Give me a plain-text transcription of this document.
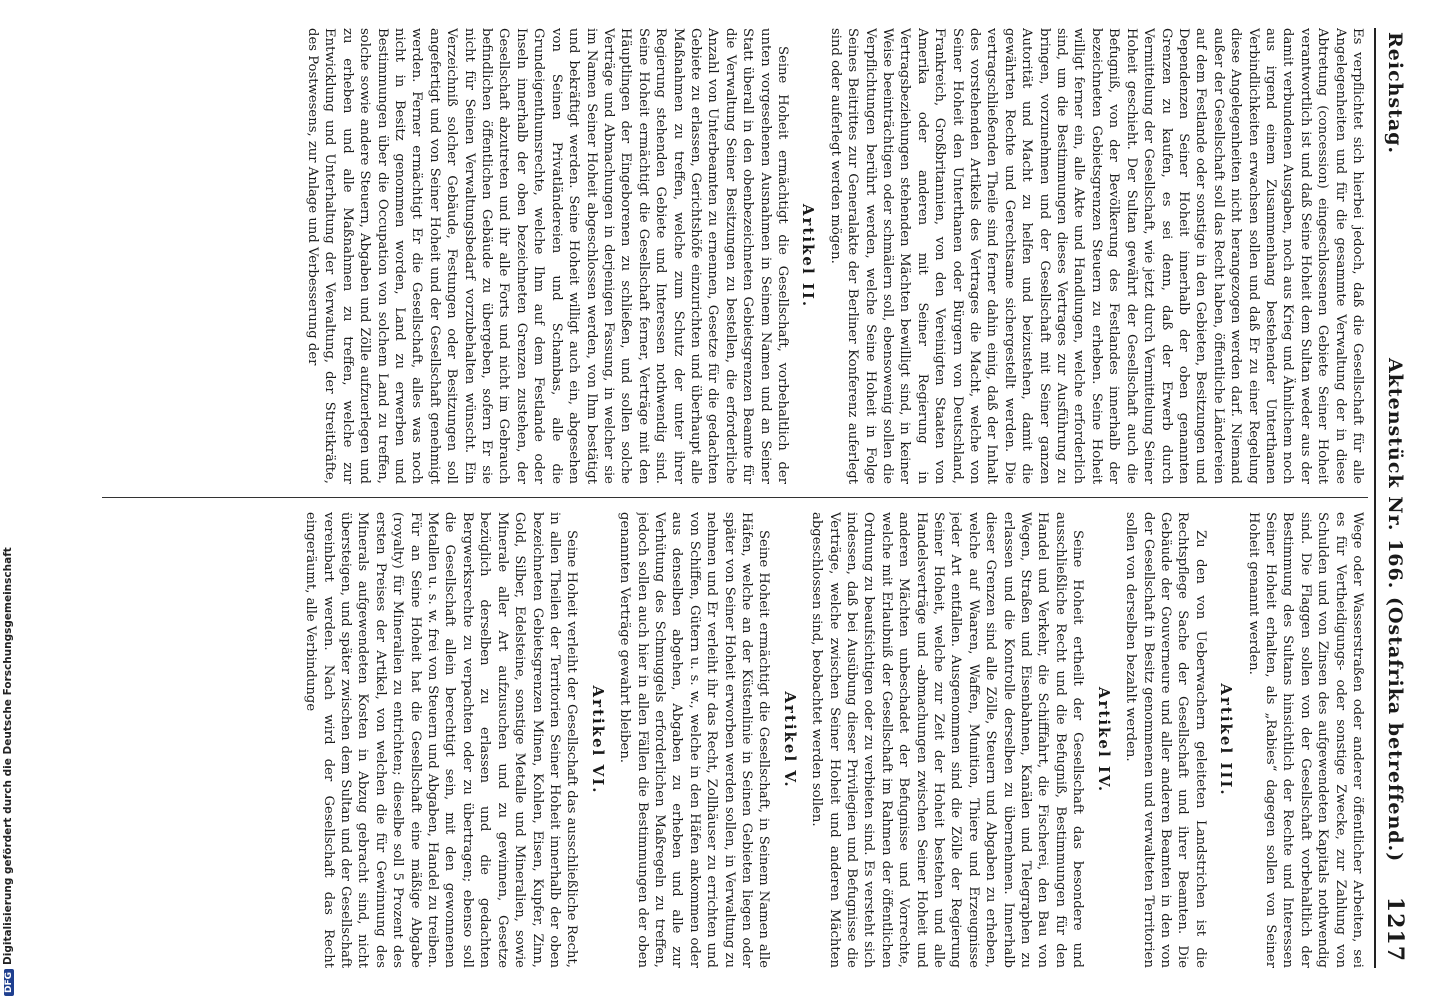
Reichstag.
Aktenstück Nr. 166. (Ostafrika betreffend.)
1217

Es verpflichtet sich hierbei jedoch, daß die Gesellschaft für alle Angelegenheiten und für die gesammte Verwaltung der in diese Abtretung (concession) eingeschlossenen Gebiete Seiner Hoheit verantwortlich ist und daß Seine Hoheit dem Sultan weder aus der damit verbundenen Ausgaben, noch aus Krieg und Ähnlichem noch aus irgend einem Zusammenhang bestehender Unterthanen Verbindlichkeiten erwachsen sollen und daß Er zu einer Regelung diese Angelegenheiten nicht herangezogen werden darf. Niemand außer der Gesellschaft soll das Recht haben, öffentliche Ländereien auf dem Festlande oder sonstige in den Gebieten, Besitzungen und Dependenzen Seiner Hoheit innerhalb der oben genannten Grenzen zu kaufen, es sei denn, daß der Erwerb durch Vermittelung der Gesellschaft, wie jetzt durch Vermittelung Seiner Hoheit geschieht. Der Sultan gewährt der Gesellschaft auch die Befugniß, von der Bevölkerung des Festlandes innerhalb der bezeichneten Gebietsgrenzen Steuern zu erheben. Seine Hoheit willigt ferner ein, alle Akte und Handlungen, welche erforderlich sind, um die Bestimmungen dieses Vertrages zur Ausführung zu bringen, vorzunehmen und der Gesellschaft mit Seiner ganzen Autorität und Macht zu helfen und beizustehen, damit die gewährten Rechte und Gerechtsame sichergestellt werden. Die vertragschließenden Theile sind ferner dahin einig, daß der Inhalt des vorstehenden Artikels des Vertrages die Macht, welche von Seiner Hoheit den Unterthanen oder Bürgern von Deutschland, Frankreich, Großbritannien, von den Vereinigten Staaten von Amerika oder anderen mit Seiner Regierung in Vertragsbeziehungen stehenden Mächten bewilligt sind, in keiner Weise beeinträchtigen oder schmälern soll, ebensowenig sollen die Verpflichtungen berührt werden, welche Seine Hoheit in Folge Seines Beitrittes zur Generalakte der Berliner Konferenz auferlegt sind oder auferlegt werden mögen.

Artikel II.

Seine Hoheit ermächtigt die Gesellschaft, vorbehaltlich der unten vorgesehenen Ausnahmen in Seinem Namen und an Seiner Statt überall in den obenbezeichneten Gebietsgrenzen Beamte für die Verwaltung Seiner Besitzungen zu bestellen, die erforderliche Anzahl von Unterbeamten zu ernennen, Gesetze für die gedachten Gebiete zu erlassen, Gerichtshöfe einzurichten und überhaupt alle Maßnahmen zu treffen, welche zum Schutz der unter ihrer Regierung stehenden Gebiete und Interessen nothwendig sind. Seine Hoheit ermächtigt die Gesellschaft ferner, Verträge mit den Häuptlingen der Eingeborenen zu schließen, und sollen solche Verträge und Abmachungen in derjenigen Fassung, in welcher sie im Namen Seiner Hoheit abgeschlossen werden, von Ihm bestätigt und bekräftigt werden. Seine Hoheit willigt auch ein, abgesehen von Seinen Privatländereien und Schambas, alle die Grundeigenthumsrechte, welche Ihm auf dem Festlande oder Inseln innerhalb der oben bezeichneten Grenzen zustehen, der Gesellschaft abzutreten und ihr alle Forts und nicht im Gebrauch befindlichen öffentlichen Gebäude zu übergeben, sofern Er sie nicht für Seinen Verwaltungsbedarf vorzubehalten wünscht. Ein Verzeichniß solcher Gebäude, Festungen oder Besitzungen soll angefertigt und von Seiner Hoheit und der Gesellschaft genehmigt werden. Ferner ermächtigt Er die Gesellschaft, alles was noch nicht in Besitz genommen worden, Land zu erwerben und Bestimmungen über die Occupation von solchem Land zu treffen, solche sowie andere Steuern, Abgaben und Zölle aufzuerlegen und zu erheben und alle Maßnahmen zu treffen, welche zur Entwicklung und Unterhaltung der Verwaltung, der Streitkräfte, des Postwesens, zur Anlage und Verbesserung der

Wege oder Wasserstraßen oder anderer öffentlicher Arbeiten, sei es für Vertheidigungs- oder sonstige Zwecke, zur Zahlung von Schulden und von Zinsen des aufgewendeten Kapitals nothwendig sind. Die Flaggen sollen von der Gesellschaft vorbehaltlich der Bestimmung des Sultans hinsichtlich der Rechte und Interessen Seiner Hoheit erhalten, als „Rabies“ dagegen sollen von Seiner Hoheit genannt werden.

Artikel III.

Zu den von Ueberwachern geleiteten Landstrichen ist die Rechtspflege Sache der Gesellschaft und ihrer Beamten. Die Gebäude der Gouverneure und aller anderen Beamten in den von der Gesellschaft in Besitz genommenen und verwalteten Territorien sollen von derselben bezahlt werden.

Artikel IV.

Seine Hoheit ertheilt der Gesellschaft das besondere und ausschließliche Recht und die Befugniß, Bestimmungen für den Handel und Verkehr, die Schifffahrt, die Fischerei, den Bau von Wegen, Straßen und Eisenbahnen, Kanälen und Telegraphen zu erlassen und die Kontrolle derselben zu übernehmen. Innerhalb dieser Grenzen sind alle Zölle, Steuern und Abgaben zu erheben, welche auf Waaren, Waffen, Munition, Thiere und Erzeugnisse jeder Art entfallen. Ausgenommen sind die Zölle der Regierung Seiner Hoheit, welche zur Zeit der Hoheit bestehen und alle Handelsverträge und -abmachungen zwischen Seiner Hoheit und anderen Mächten unbeschadet der Befugnisse und Vorrechte, welche mit Erlaubniß der Gesellschaft im Rahmen der öffentlichen Ordnung zu beaufsichtigen oder zu verbieten sind. Es versteht sich indessen, daß bei Ausübung dieser Privilegien und Befugnisse die Verträge, welche zwischen Seiner Hoheit und anderen Mächten abgeschlossen sind, beobachtet werden sollen.

Artikel V.

Seine Hoheit ermächtigt die Gesellschaft, in Seinem Namen alle Häfen, welche an der Küstenlinie in Seinen Gebieten liegen oder später von Seiner Hoheit erworben werden sollen, in Verwaltung zu nehmen und Er verleiht ihr das Recht, Zollhäuser zu errichten und von Schiffen, Gütern u. s. w., welche in den Häfen ankommen oder aus denselben abgehen, Abgaben zu erheben und alle zur Verhütung des Schmuggels erforderlichen Maßregeln zu treffen, jedoch sollen auch hier in allen Fällen die Bestimmungen der oben genannten Verträge gewahrt bleiben.

Artikel VI.

Seine Hoheit verleiht der Gesellschaft das ausschließliche Recht, in allen Theilen der Territorien Seiner Hoheit innerhalb der oben bezeichneten Gebietsgrenzen Minen, Kohlen, Eisen, Kupfer, Zinn, Gold, Silber, Edelsteine, sonstige Metalle und Mineralien, sowie Minerale aller Art aufzusuchen und zu gewinnen, Gesetze bezüglich derselben zu erlassen und die gedachten Bergwerksrechte zu verpachten oder zu übertragen; ebenso soll die Gesellschaft allein berechtigt sein, mit den gewonnenen Metallen u. s. w. frei von Steuern und Abgaben, Handel zu treiben. Für an Seine Hoheit hat die Gesellschaft eine mäßige Abgabe (royalty) für Mineralien zu entrichten; dieselbe soll 5 Prozent des ersten Preises der Artikel, von welchen die für Gewinnung des Minerals aufgewendeten Kosten in Abzug gebracht sind, nicht übersteigen, und später zwischen dem Sultan und der Gesellschaft vereinbart werden. Nach wird der Gesellschaft das Recht eingeräumt, alle Verbindunge

DFGDigitalisierung gefördert durch die Deutsche Forschungsgemeinschaft
